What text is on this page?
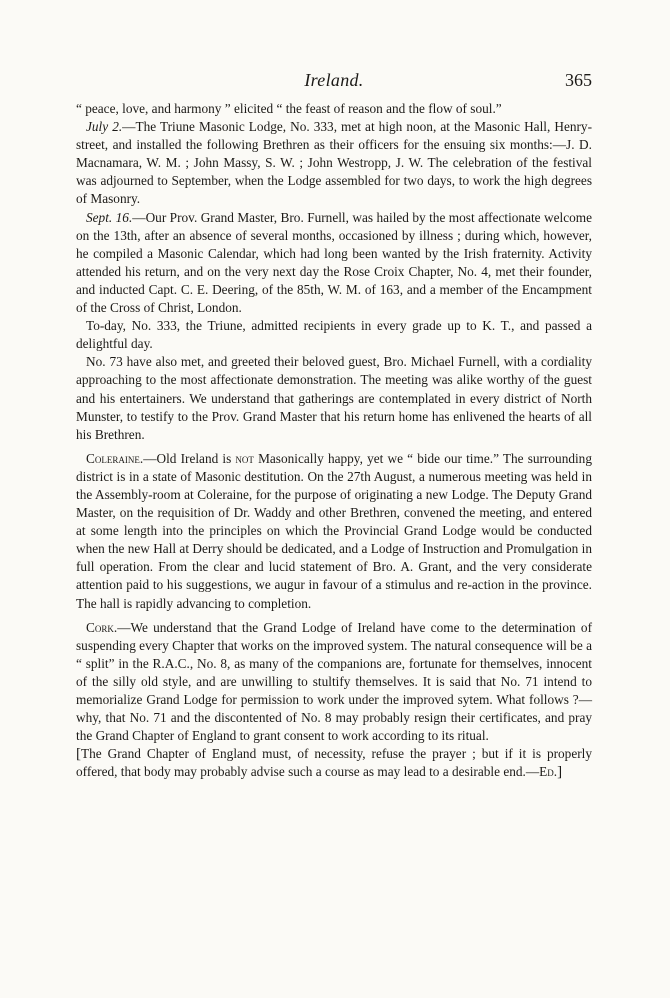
Ireland.	365

“ peace, love, and harmony ” elicited “ the feast of reason and the flow of soul.”

July 2.—The Triune Masonic Lodge, No. 333, met at high noon, at the Masonic Hall, Henry-street, and installed the following Brethren as their officers for the ensuing six months:—J. D. Macnamara, W. M. ; John Massy, S. W. ; John Westropp, J. W. The celebration of the festival was adjourned to September, when the Lodge assembled for two days, to work the high degrees of Masonry.

Sept. 16.—Our Prov. Grand Master, Bro. Furnell, was hailed by the most affectionate welcome on the 13th, after an absence of several months, occasioned by illness ; during which, however, he compiled a Masonic Calendar, which had long been wanted by the Irish fraternity. Activity attended his return, and on the very next day the Rose Croix Chapter, No. 4, met their founder, and inducted Capt. C. E. Deering, of the 85th, W. M. of 163, and a member of the Encampment of the Cross of Christ, London.

To-day, No. 333, the Triune, admitted recipients in every grade up to K. T., and passed a delightful day.

No. 73 have also met, and greeted their beloved guest, Bro. Michael Furnell, with a cordiality approaching to the most affectionate demonstration. The meeting was alike worthy of the guest and his entertainers. We understand that gatherings are contemplated in every district of North Munster, to testify to the Prov. Grand Master that his return home has enlivened the hearts of all his Brethren.

Coleraine.—Old Ireland is not Masonically happy, yet we “ bide our time.” The surrounding district is in a state of Masonic destitution. On the 27th August, a numerous meeting was held in the Assembly-room at Coleraine, for the purpose of originating a new Lodge. The Deputy Grand Master, on the requisition of Dr. Waddy and other Brethren, convened the meeting, and entered at some length into the principles on which the Provincial Grand Lodge would be conducted when the new Hall at Derry should be dedicated, and a Lodge of Instruction and Promulgation in full operation. From the clear and lucid statement of Bro. A. Grant, and the very considerate attention paid to his suggestions, we augur in favour of a stimulus and re-action in the province. The hall is rapidly advancing to completion.

Cork.—We understand that the Grand Lodge of Ireland have come to the determination of suspending every Chapter that works on the improved system. The natural consequence will be a “ split” in the R.A.C., No. 8, as many of the companions are, fortunate for themselves, innocent of the silly old style, and are unwilling to stultify themselves. It is said that No. 71 intend to memorialize Grand Lodge for permission to work under the improved sytem. What follows ?—why, that No. 71 and the discontented of No. 8 may probably resign their certificates, and pray the Grand Chapter of England to grant consent to work according to its ritual.

[The Grand Chapter of England must, of necessity, refuse the prayer ; but if it is properly offered, that body may probably advise such a course as may lead to a desirable end.—Ed.]
